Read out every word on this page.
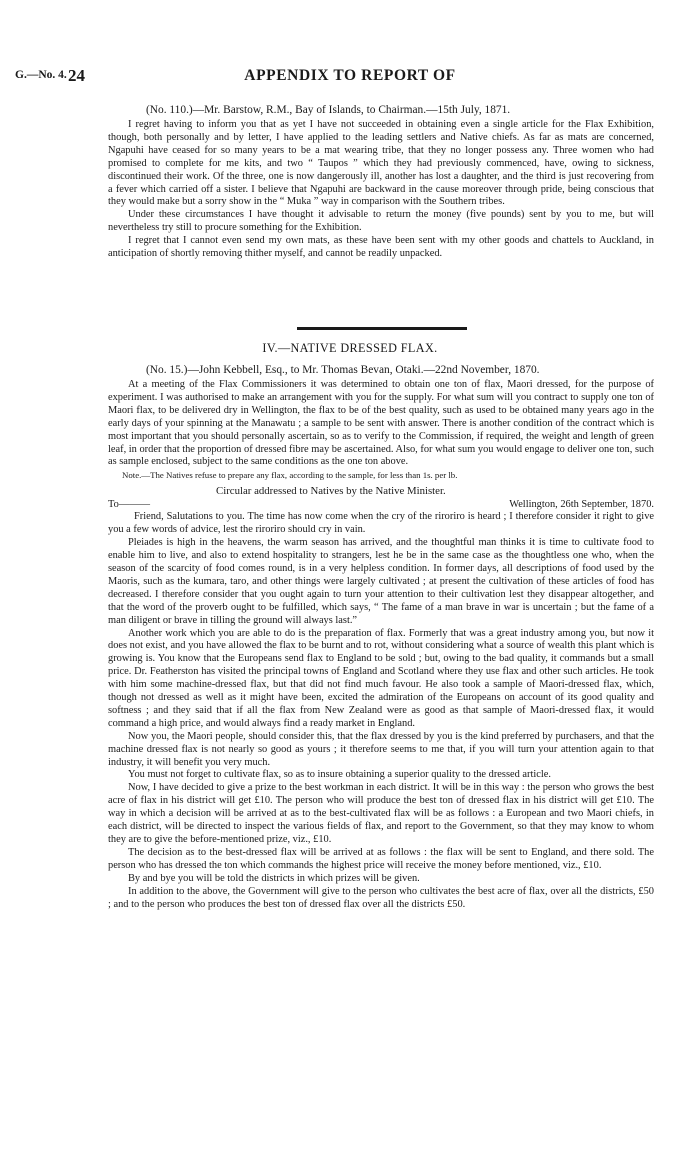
G.—No. 4. 24	APPENDIX TO REPORT OF

(No. 110.)—Mr. Barstow, R.M., Bay of Islands, to Chairman.—15th July, 1871.

I regret having to inform you that as yet I have not succeeded in obtaining even a single article for the Flax Exhibition, though, both personally and by letter, I have applied to the leading settlers and Native chiefs. As far as mats are concerned, Ngapuhi have ceased for so many years to be a mat wearing tribe, that they no longer possess any. Three women who had promised to complete for me kits, and two “ Taupos ” which they had previously commenced, have, owing to sickness, discontinued their work. Of the three, one is now dangerously ill, another has lost a daughter, and the third is just recovering from a fever which carried off a sister. I believe that Ngapuhi are backward in the cause moreover through pride, being conscious that they would make but a sorry show in the “ Muka ” way in comparison with the Southern tribes.

Under these circumstances I have thought it advisable to return the money (five pounds) sent by you to me, but will nevertheless try still to procure something for the Exhibition.

I regret that I cannot even send my own mats, as these have been sent with my other goods and chattels to Auckland, in anticipation of shortly removing thither myself, and cannot be readily unpacked.

IV.—NATIVE DRESSED FLAX.

(No. 15.)—John Kebbell, Esq., to Mr. Thomas Bevan, Otaki.—22nd November, 1870.

At a meeting of the Flax Commissioners it was determined to obtain one ton of flax, Maori dressed, for the purpose of experiment. I was authorised to make an arrangement with you for the supply. For what sum will you contract to supply one ton of Maori flax, to be delivered dry in Wellington, the flax to be of the best quality, such as used to be obtained many years ago in the early days of your spinning at the Manawatu ; a sample to be sent with answer. There is another condition of the contract which is most important that you should personally ascertain, so as to verify to the Commission, if required, the weight and length of green leaf, in order that the proportion of dressed fibre may be ascertained. Also, for what sum you would engage to deliver one ton, such as sample enclosed, subject to the same conditions as the one ton above.

Note.—The Natives refuse to prepare any flax, according to the sample, for less than 1s. per lb.

Circular addressed to Natives by the Native Minister.

To———	Wellington, 26th September, 1870.

Friend, Salutations to you. The time has now come when the cry of the riroriro is heard ; I therefore consider it right to give you a few words of advice, lest the riroriro should cry in vain.

Pleiades is high in the heavens, the warm season has arrived, and the thoughtful man thinks it is time to cultivate food to enable him to live, and also to extend hospitality to strangers, lest he be in the same case as the thoughtless one who, when the season of the scarcity of food comes round, is in a very helpless condition. In former days, all descriptions of food used by the Maoris, such as the kumara, taro, and other things were largely cultivated ; at present the cultivation of these articles of food has decreased. I therefore consider that you ought again to turn your attention to their cultivation lest they disappear altogether, and that the word of the proverb ought to be fulfilled, which says, “ The fame of a man brave in war is uncertain ; but the fame of a man diligent or brave in tilling the ground will always last.”

Another work which you are able to do is the preparation of flax. Formerly that was a great industry among you, but now it does not exist, and you have allowed the flax to be burnt and to rot, without considering what a source of wealth this plant which is growing is. You know that the Europeans send flax to England to be sold ; but, owing to the bad quality, it commands but a small price. Dr. Featherston has visited the principal towns of England and Scotland where they use flax and other such articles. He took with him some machine-dressed flax, but that did not find much favour. He also took a sample of Maori-dressed flax, which, though not dressed as well as it might have been, excited the admiration of the Europeans on account of its good quality and softness ; and they said that if all the flax from New Zealand were as good as that sample of Maori-dressed flax, it would command a high price, and would always find a ready market in England.

Now you, the Maori people, should consider this, that the flax dressed by you is the kind preferred by purchasers, and that the machine dressed flax is not nearly so good as yours ; it therefore seems to me that, if you will turn your attention again to that industry, it will benefit you very much.

You must not forget to cultivate flax, so as to insure obtaining a superior quality to the dressed article.

Now, I have decided to give a prize to the best workman in each district. It will be in this way : the person who grows the best acre of flax in his district will get £10. The person who will produce the best ton of dressed flax in his district will get £10. The way in which a decision will be arrived at as to the best-cultivated flax will be as follows : a European and two Maori chiefs, in each district, will be directed to inspect the various fields of flax, and report to the Government, so that they may know to whom they are to give the before-mentioned prize, viz., £10.

The decision as to the best-dressed flax will be arrived at as follows : the flax will be sent to England, and there sold. The person who has dressed the ton which commands the highest price will receive the money before mentioned, viz., £10.

By and bye you will be told the districts in which prizes will be given.

In addition to the above, the Government will give to the person who cultivates the best acre of flax, over all the districts, £50 ; and to the person who produces the best ton of dressed flax over all the districts £50.
